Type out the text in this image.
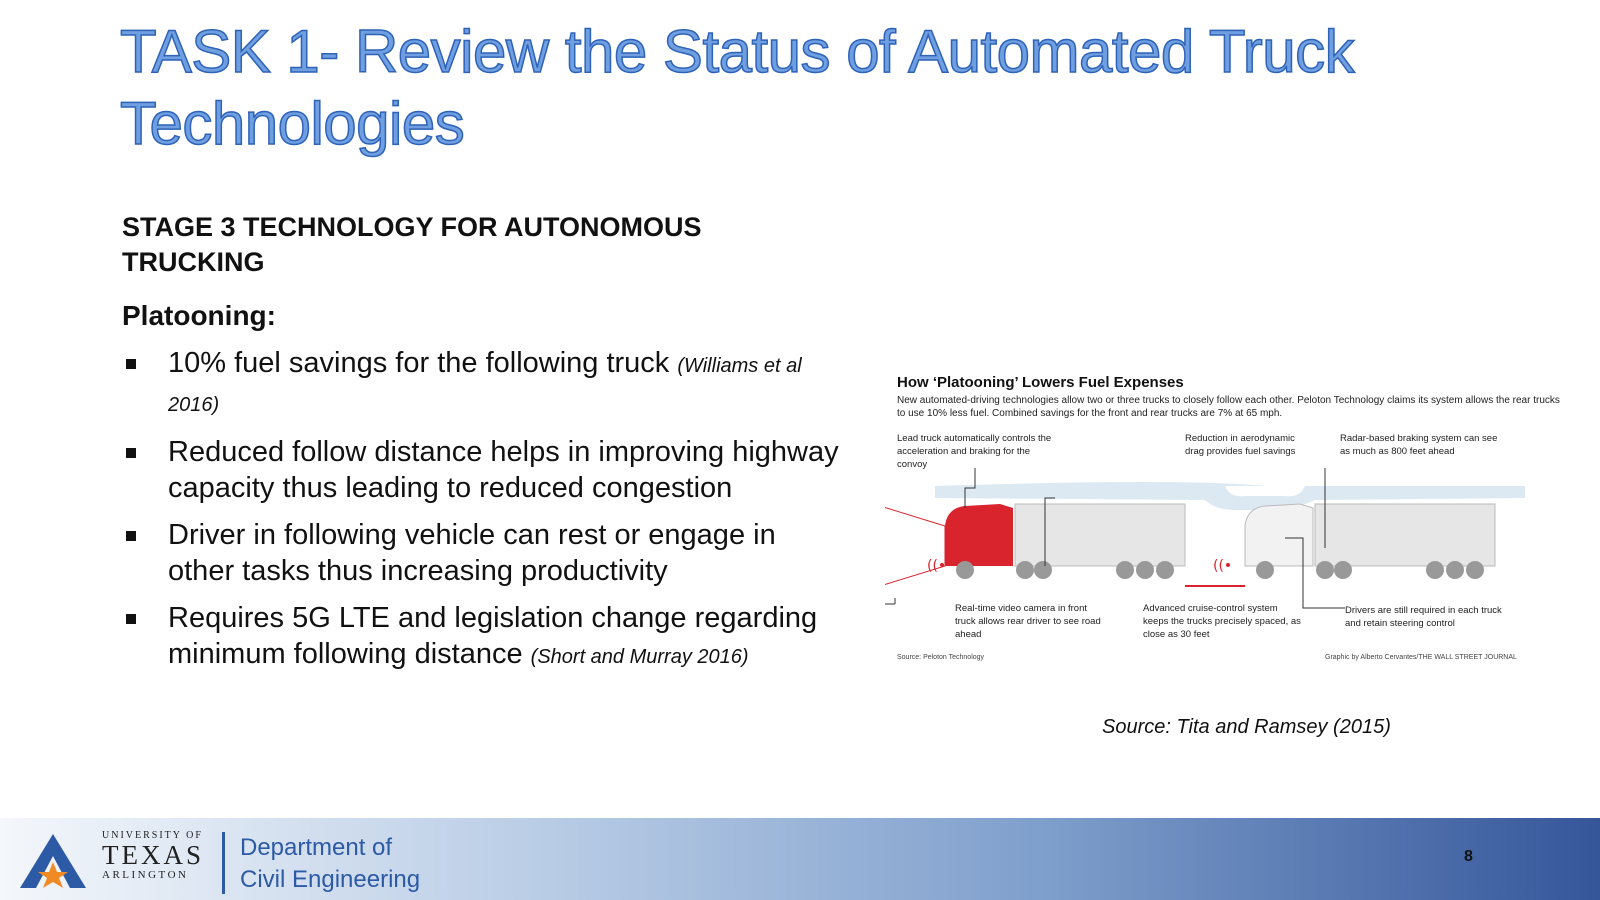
TASK 1- Review the Status of Automated Truck Technologies
STAGE 3 TECHNOLOGY FOR AUTONOMOUS TRUCKING
Platooning:
10% fuel savings for the following truck (Williams et al 2016)
Reduced follow distance helps in improving highway capacity thus leading to reduced congestion
Driver in following vehicle can rest or engage in other tasks thus increasing productivity
Requires 5G LTE and legislation change regarding minimum following distance (Short and Murray 2016)
How ‘Platooning’ Lowers Fuel Expenses
New automated-driving technologies allow two or three trucks to closely follow each other. Peloton Technology claims its system allows the rear trucks to use 10% less fuel. Combined savings for the front and rear trucks are 7% at 65 mph.
Lead truck automatically controls the acceleration and braking for the convoy
Reduction in aerodynamic drag provides fuel savings
Radar-based braking system can see as much as 800 feet ahead
((•	((•
Real-time video camera in front truck allows rear driver to see road ahead
Advanced cruise-control system keeps the trucks precisely spaced, as close as 30 feet
Drivers are still required in each truck and retain steering control
Source: Peloton Technology	Graphic by Alberto Cervantes/THE WALL STREET JOURNAL
Source: Tita and Ramsey (2015)
UNIVERSITY OF
TEXAS
ARLINGTON
Department of
Civil Engineering
8
